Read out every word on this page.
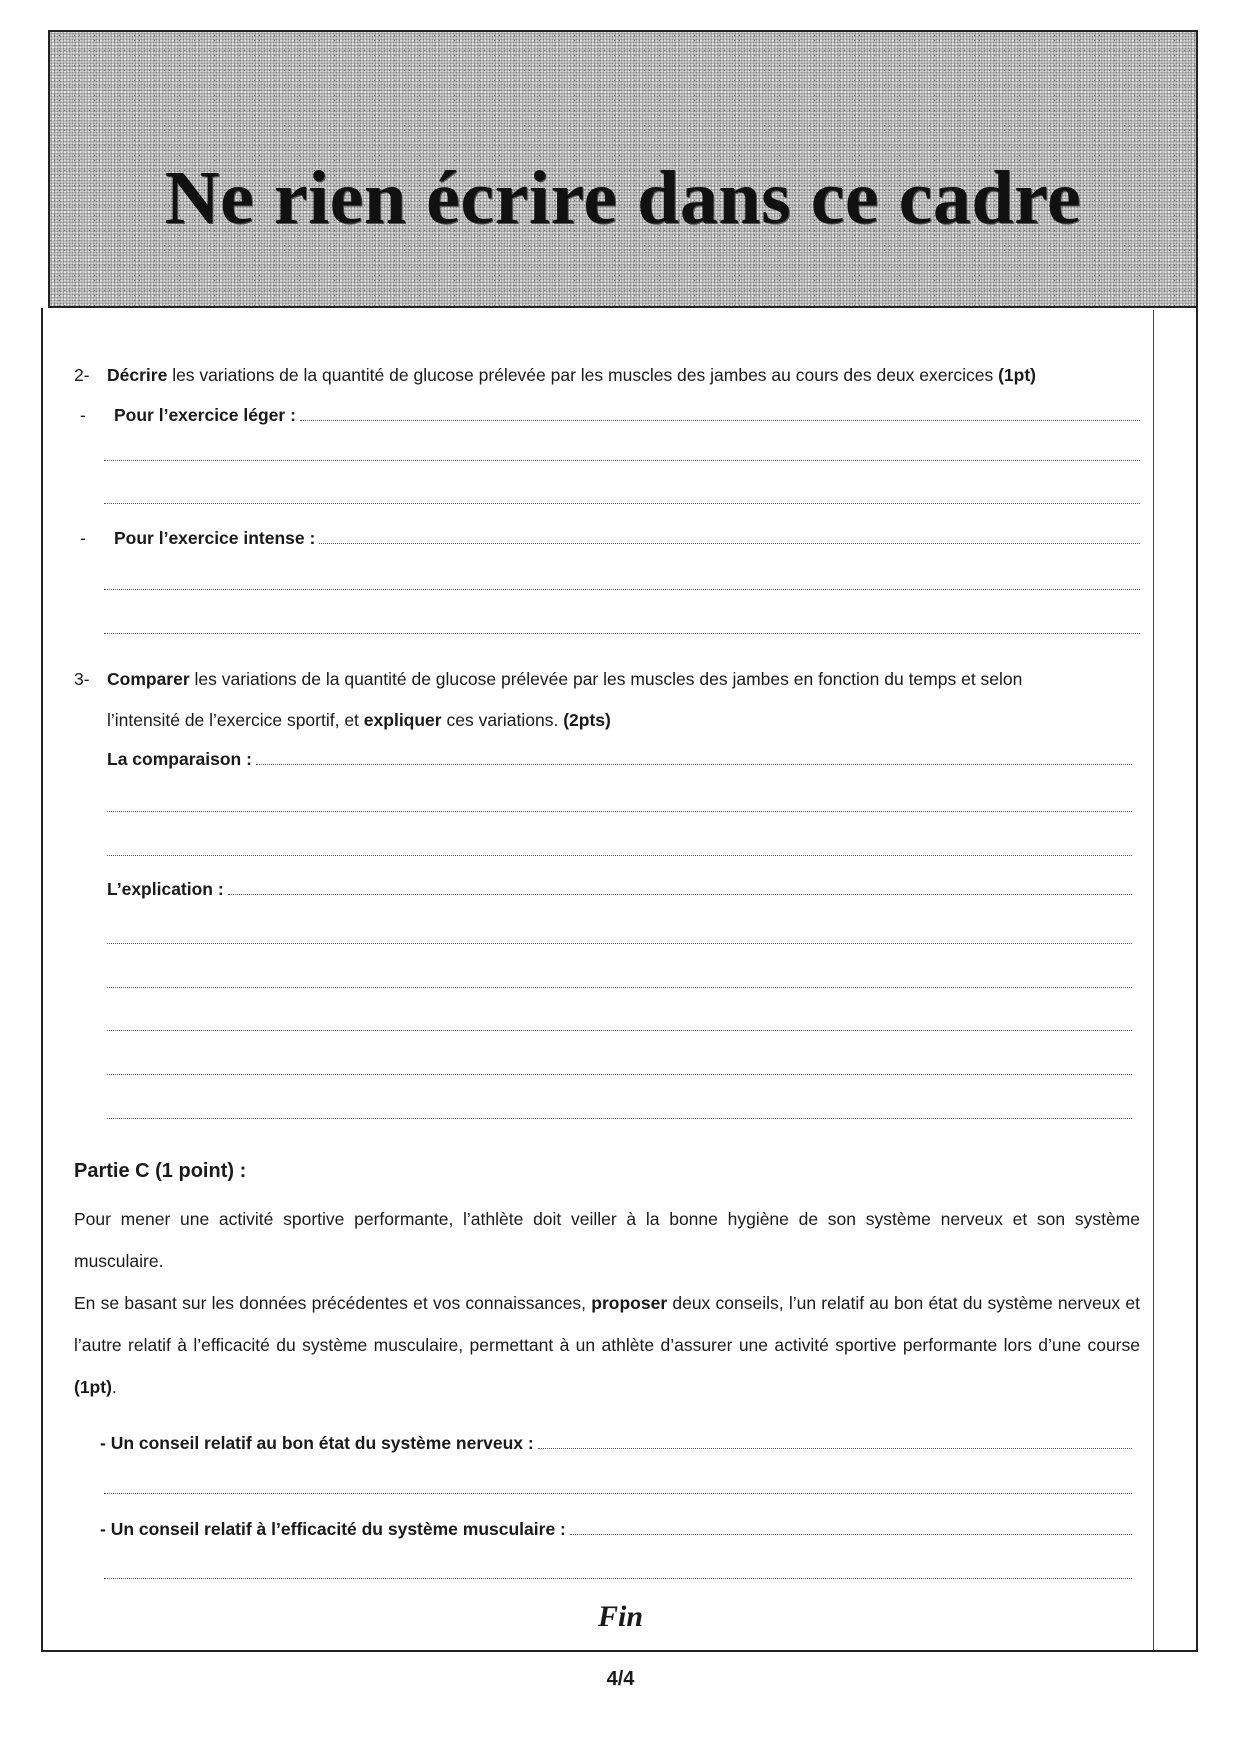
Ne rien écrire dans ce cadre
2- Décrire les variations de la quantité de glucose prélevée par les muscles des jambes au cours des deux exercices (1pt)
-	Pour l’exercice léger :
-	Pour l’exercice intense :
3- Comparer les variations de la quantité de glucose prélevée par les muscles des jambes en fonction du temps et selon
l’intensité de l’exercice sportif, et expliquer ces variations. (2pts)
La comparaison :
L’explication :
Partie C (1 point) :
Pour mener une activité sportive performante, l’athlète doit veiller à la bonne hygiène de son système nerveux et son système musculaire.
En se basant sur les données précédentes et vos connaissances, proposer deux conseils, l’un relatif au bon état du système nerveux et l’autre relatif à l’efficacité du système musculaire, permettant à un athlète d’assurer une activité sportive performante lors d’une course (1pt).
- Un conseil relatif au bon état du système nerveux :
- Un conseil relatif à l’efficacité du système musculaire :
Fin
4/4
